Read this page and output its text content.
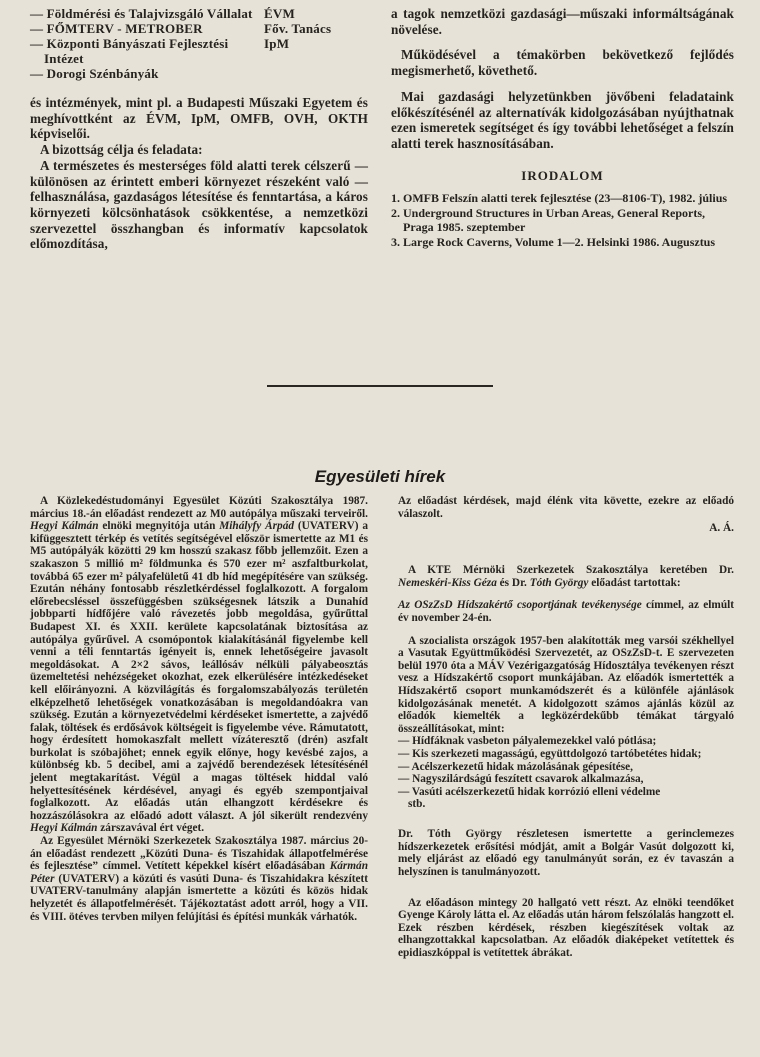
— Földmérési és Talajvizsgáló Vállalat ÉVM
— FŐMTERV - METROBER	Főv. Tanács
— Központi Bányászati Fejlesztési Intézet
IpM
— Dorogi Szénbányák

és intézmények, mint pl. a Budapesti Műszaki Egyetem és meghívottként az ÉVM, IpM, OMFB, OVH, OKTH képviselői.

A bizottság célja és feladata:

A természetes és mesterséges föld alatti terek célszerű — különösen az érintett emberi környezet részeként való — felhasználása, gazdaságos létesítése és fenntartása, a káros környezeti kölcsönhatások csökkentése, a nemzetközi szervezettel összhangban és informatív kapcsolatok előmozdítása,

a tagok nemzetközi gazdasági—műszaki informáltságának növelése.

Működésével a témakörben bekövetkező fejlődés megismerhető, követhető.

Mai gazdasági helyzetünkben jövőbeni feladataink előkészítésénél az alternatívák kidolgozásában nyújthatnak ezen ismeretek segítséget és így további lehetőséget a felszín alatti terek hasznosításában.

IRODALOM
1. OMFB Felszín alatti terek fejlesztése (23—8106-T), 1982. július
2. Underground Structures in Urban Areas, General Reports, Praga 1985. szeptember
3. Large Rock Caverns, Volume 1—2. Helsinki 1986. Augusztus
Egyesületi hírek

A Közlekedéstudományi Egyesület Közúti Szakosztálya 1987. március 18.-án előadást rendezett az M0 autópálya műszaki terveiről. Hegyi Kálmán elnöki megnyitója után Mihályfy Árpád (UVATERV) a kifüggesztett térkép és vetítés segítségével először ismertette az M1 és M5 autópályák közötti 29 km hosszú szakasz főbb jellemzőit. Ezen a szakaszon 5 millió m² földmunka és 570 ezer m² aszfaltburkolat, továbbá 65 ezer m² pályafelületű 41 db híd megépítésére van szükség. Ezután néhány fontosabb részletkérdéssel foglalkozott. A forgalom előrebecsléssel összefüggésben szükségesnek látszik a Dunahíd jobbparti hídfőjére való rávezetés jobb megoldása, gyűrűttal Budapest XI. és XXII. kerülete kapcsolatának biztosítása az autópálya gyűrűvel. A csomópontok kialakításánál figyelembe kell venni a téli fenntartás igényeit is, ennek lehetőségeire javasolt megoldásokat. A 2×2 sávos, leállósáv nélküli pályabeosztás üzemeltetési nehézségeket okozhat, ezek elkerülésére intézkedéseket kell előirányozni. A közvilágítás és forgalomszabályozás területén elképzelhető lehetőségek vonatkozásában is megoldandóakra van szükség. Ezután a környezetvédelmi kérdéseket ismertette, a zajvédő falak, töltések és erdősávok költségeit is figyelembe véve. Rámutatott, hogy érdesített homokaszfalt mellett vízáteresztő (drén) aszfalt burkolat is szóbajöhet; ennek egyik előnye, hogy kevésbé zajos, a különbség kb. 5 decibel, ami a zajvédő berendezések létesítésénél jelent megtakarítást. Végül a magas töltések hiddal való helyettesítésének kérdésével, anyagi és egyéb szempontjaival foglalkozott. Az előadás után elhangzott kérdésekre és hozzászólásokra az előadó adott választ. A jól sikerült rendezvény Hegyi Kálmán zárszavával ért véget.

Az Egyesület Mérnöki Szerkezetek Szakosztálya 1987. március 20-án előadást rendezett „Közúti Duna- és Tiszahidak állapotfelmérése és fejlesztése” címmel. Vetített képekkel kísért előadásában Kármán Péter (UVATERV) a közúti és vasúti Duna- és Tiszahidakra készített UVATERV-tanulmány alapján ismertette a közúti és közös hidak helyzetét és állapotfelmérését. Tájékoztatást adott arról, hogy a VII. és VIII. ötéves tervben milyen felújítási és építési munkák várhatók.

Az előadást kérdések, majd élénk vita követte, ezekre az előadó válaszolt.

A. Á.

A KTE Mérnöki Szerkezetek Szakosztálya keretében Dr. Nemeskéri-Kiss Géza és Dr. Tóth György előadást tartottak:

Az OSzZsD Hídszakértő csoportjának tevékenysége címmel, az elmúlt év november 24-én.

A szocialista országok 1957-ben alakították meg varsói székhellyel a Vasutak Együttműködési Szervezetét, az OSzZsD-t. E szervezeten belül 1970 óta a MÁV Vezérigazgatóság Hídosztálya tevékenyen részt vesz a Hídszakértő csoport munkájában. Az előadók ismertették a Hídszakértő csoport munkamódszerét és a különféle ajánlások kidolgozásának menetét. A kidolgozott számos ajánlás közül az előadók kiemelték a legközérdekűbb témákat tárgyaló összeállításokat, mint:

— Hídfáknak vasbeton pályalemezekkel való pótlása;
— Kis szerkezeti magasságú, együttdolgozó tartóbetétes hidak;
— Acélszerkezetű hidak mázolásának gépesítése,
— Nagyszilárdságú feszített csavarok alkalmazása,
— Vasúti acélszerkezetű hidak korrózió elleni védelme
stb.

Dr. Tóth György részletesen ismertette a gerinclemezes hídszerkezetek erősítési módját, amit a Bolgár Vasút dolgozott ki, mely eljárást az előadó egy tanulmányút során, ez év tavaszán a helyszínen is tanulmányozott.

Az előadáson mintegy 20 hallgató vett részt. Az elnöki teendőket Gyenge Károly látta el. Az előadás után három felszólalás hangzott el. Ezek részben kérdések, részben kiegészítések voltak az elhangzottakkal kapcsolatban. Az előadók diaképeket vetítettek és epidiaszkóppal is vetítettek ábrákat.
